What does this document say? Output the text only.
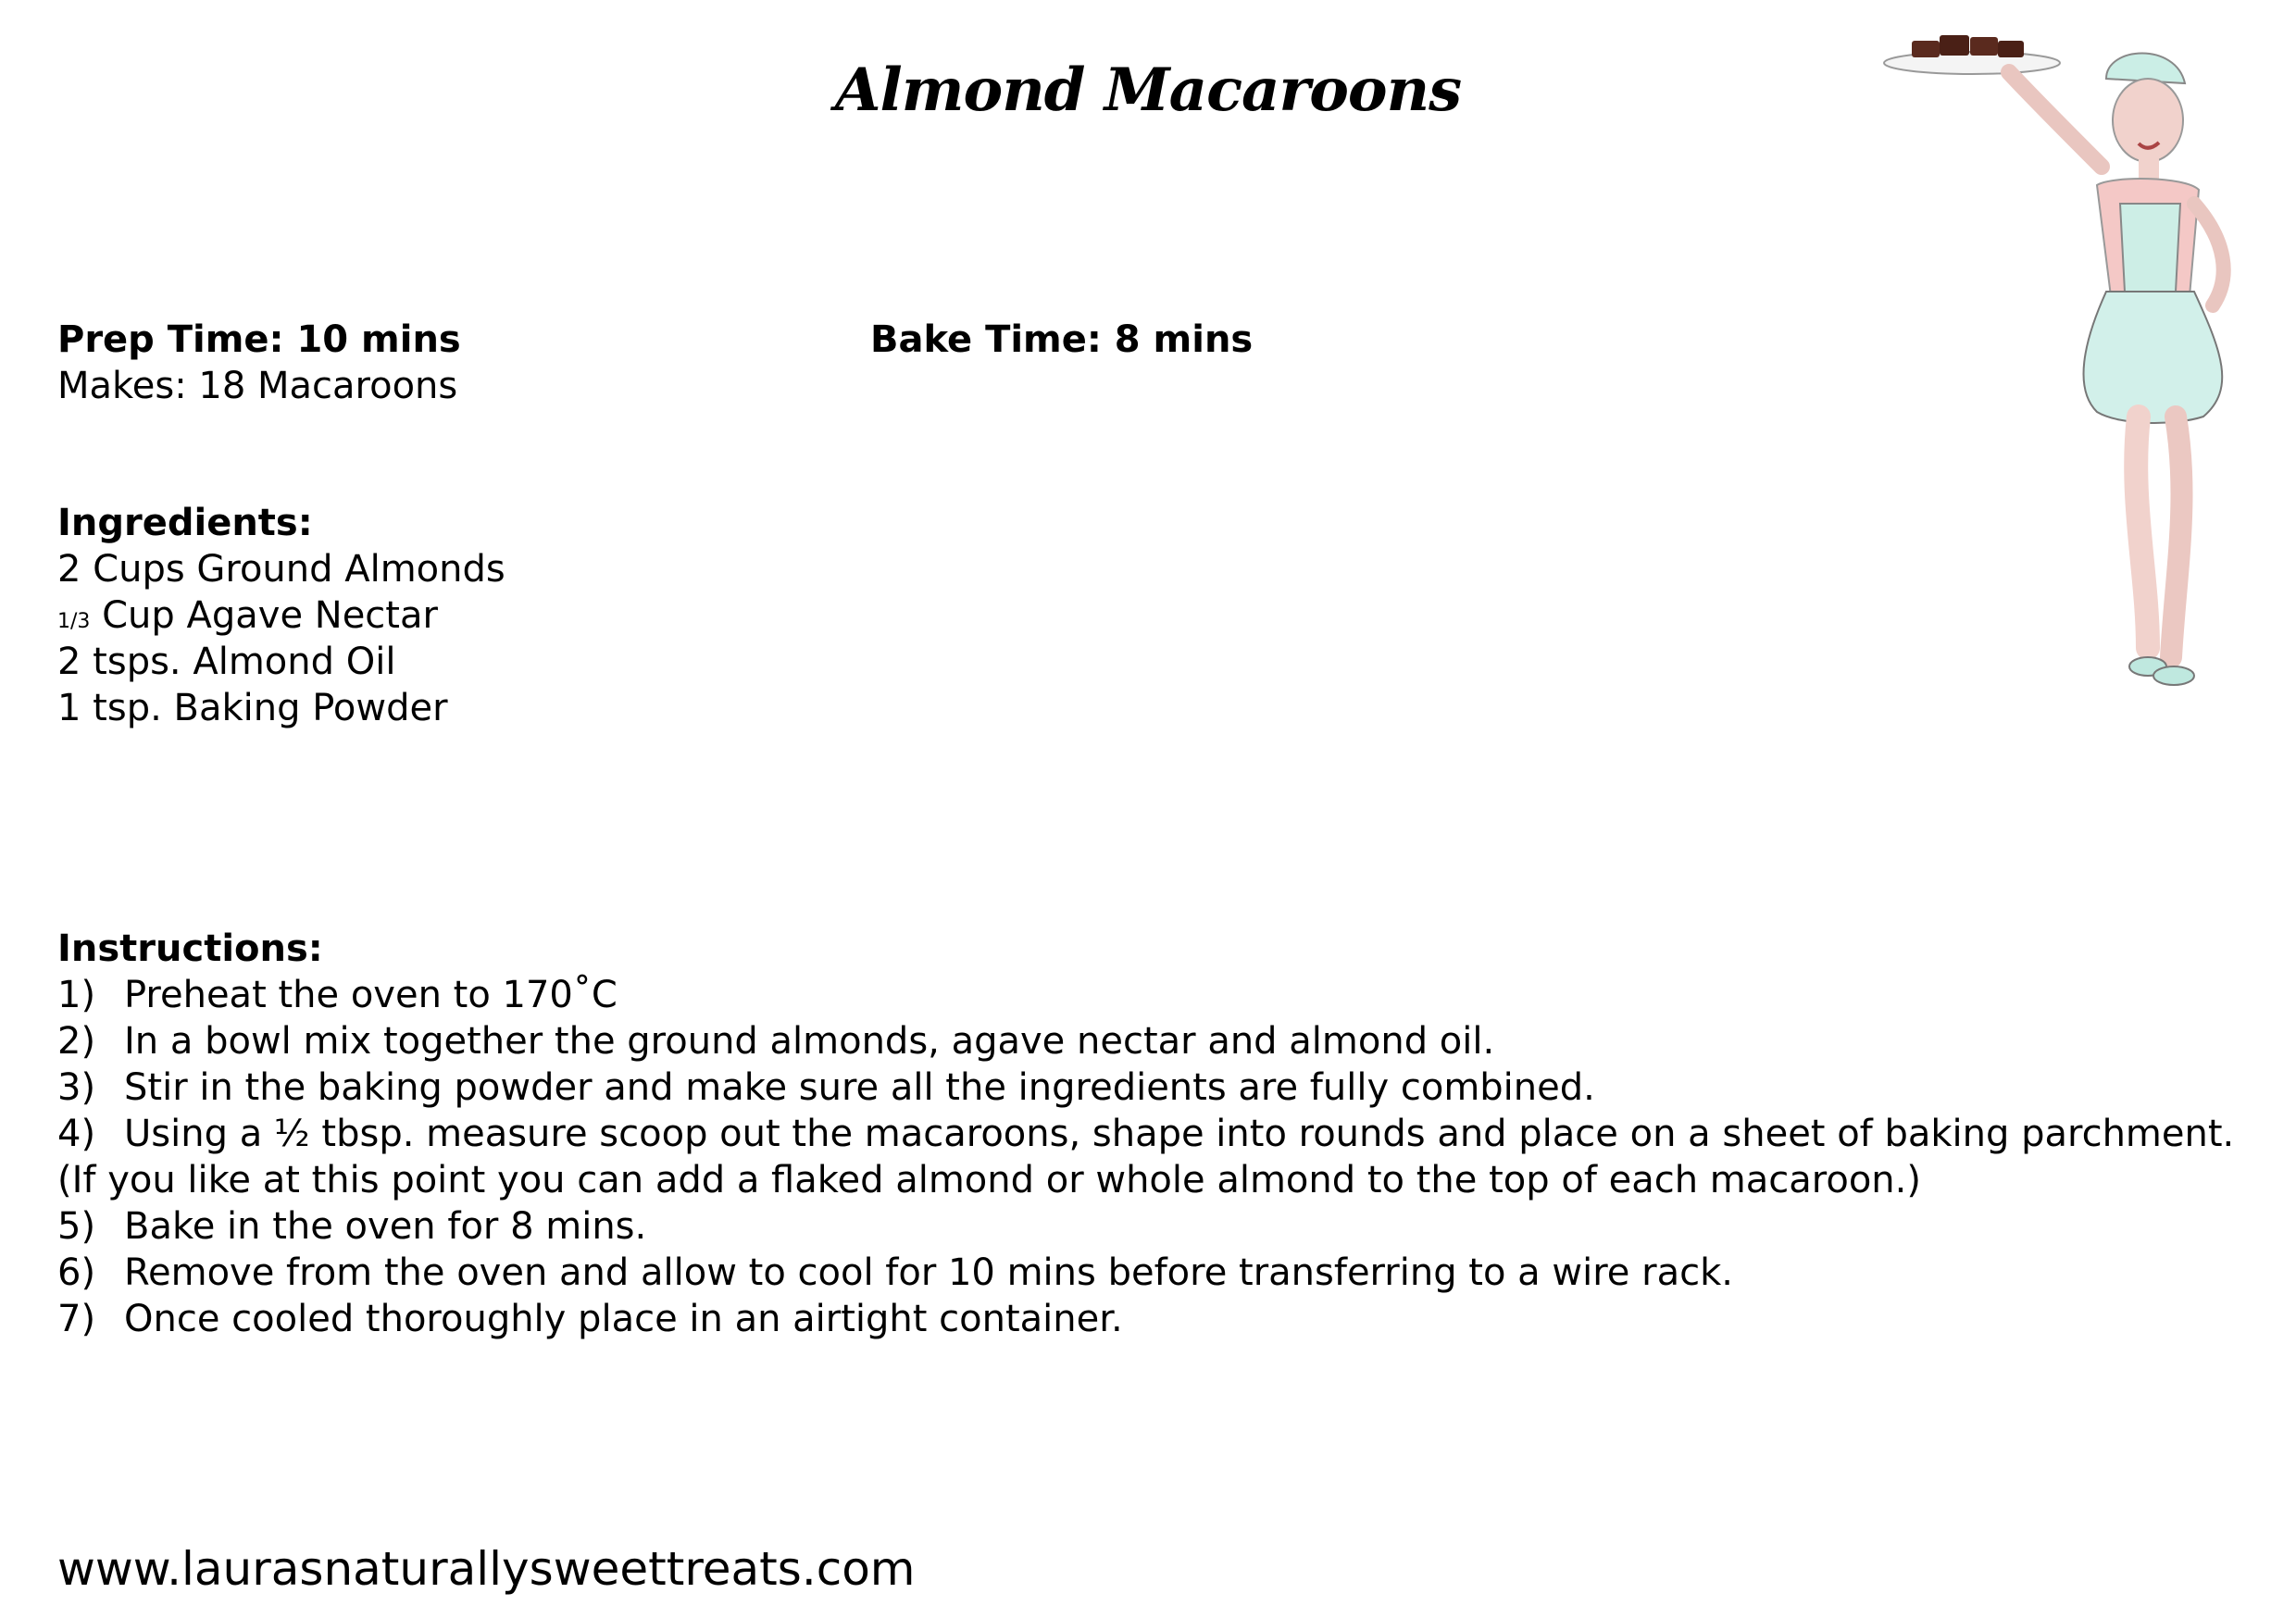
Almond Macaroons
Prep Time: 10 mins	Bake Time: 8 mins
Makes: 18 Macaroons
Ingredients:
2 Cups Ground Almonds
1/3 Cup Agave Nectar
2 tsps. Almond Oil
1 tsp. Baking Powder
Instructions:
1) Preheat the oven to 170˚C
2) In a bowl mix together the ground almonds, agave nectar and almond oil.
3) Stir in the baking powder and make sure all the ingredients are fully combined.
4) Using a ½ tbsp. measure scoop out the macaroons, shape into rounds and place on a sheet of baking parchment. (If you like at this point you can add a flaked almond or whole almond to the top of each macaroon.)
5) Bake in the oven for 8 mins.
6) Remove from the oven and allow to cool for 10 mins before transferring to a wire rack.
7) Once cooled thoroughly place in an airtight container.
www.laurasnaturallysweettreats.com
